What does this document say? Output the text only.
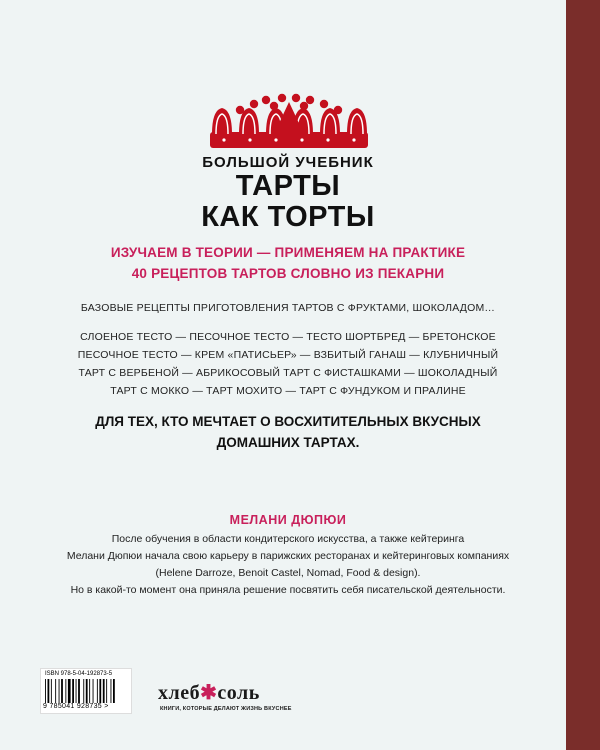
БОЛЬШОЙ УЧЕБНИК
ТАРТЫ
КАК ТОРТЫ
ИЗУЧАЕМ В ТЕОРИИ — ПРИМЕНЯЕМ НА ПРАКТИКЕ
40 РЕЦЕПТОВ ТАРТОВ СЛОВНО ИЗ ПЕКАРНИ
БАЗОВЫЕ РЕЦЕПТЫ ПРИГОТОВЛЕНИЯ ТАРТОВ С ФРУКТАМИ, ШОКОЛАДОМ…
СЛОЕНОЕ ТЕСТО — ПЕСОЧНОЕ ТЕСТО — ТЕСТО ШОРТБРЕД — БРЕТОНСКОЕ
ПЕСОЧНОЕ ТЕСТО — КРЕМ «ПАТИСЬЕР» — ВЗБИТЫЙ ГАНАШ — КЛУБНИЧНЫЙ
ТАРТ С ВЕРБЕНОЙ — АБРИКОСОВЫЙ ТАРТ С ФИСТАШКАМИ — ШОКОЛАДНЫЙ
ТАРТ С МОККО — ТАРТ МОХИТО — ТАРТ С ФУНДУКОМ И ПРАЛИНЕ
ДЛЯ ТЕХ, КТО МЕЧТАЕТ О ВОСХИТИТЕЛЬНЫХ ВКУСНЫХ
ДОМАШНИХ ТАРТАХ.
МЕЛАНИ ДЮПЮИ
После обучения в области кондитерского искусства, а также кейтеринга
Мелани Дюпюи начала свою карьеру в парижских ресторанах и кейтеринговых компаниях
(Helene Darroze, Benoit Castel, Nomad, Food & design).
Но в какой-то момент она приняла решение посвятить себя писательской деятельности.
ISBN 978-5-04-192873-5
9 785041 928735 >
хлеб✱соль
КНИГИ, КОТОРЫЕ ДЕЛАЮТ ЖИЗНЬ ВКУСНЕЕ
